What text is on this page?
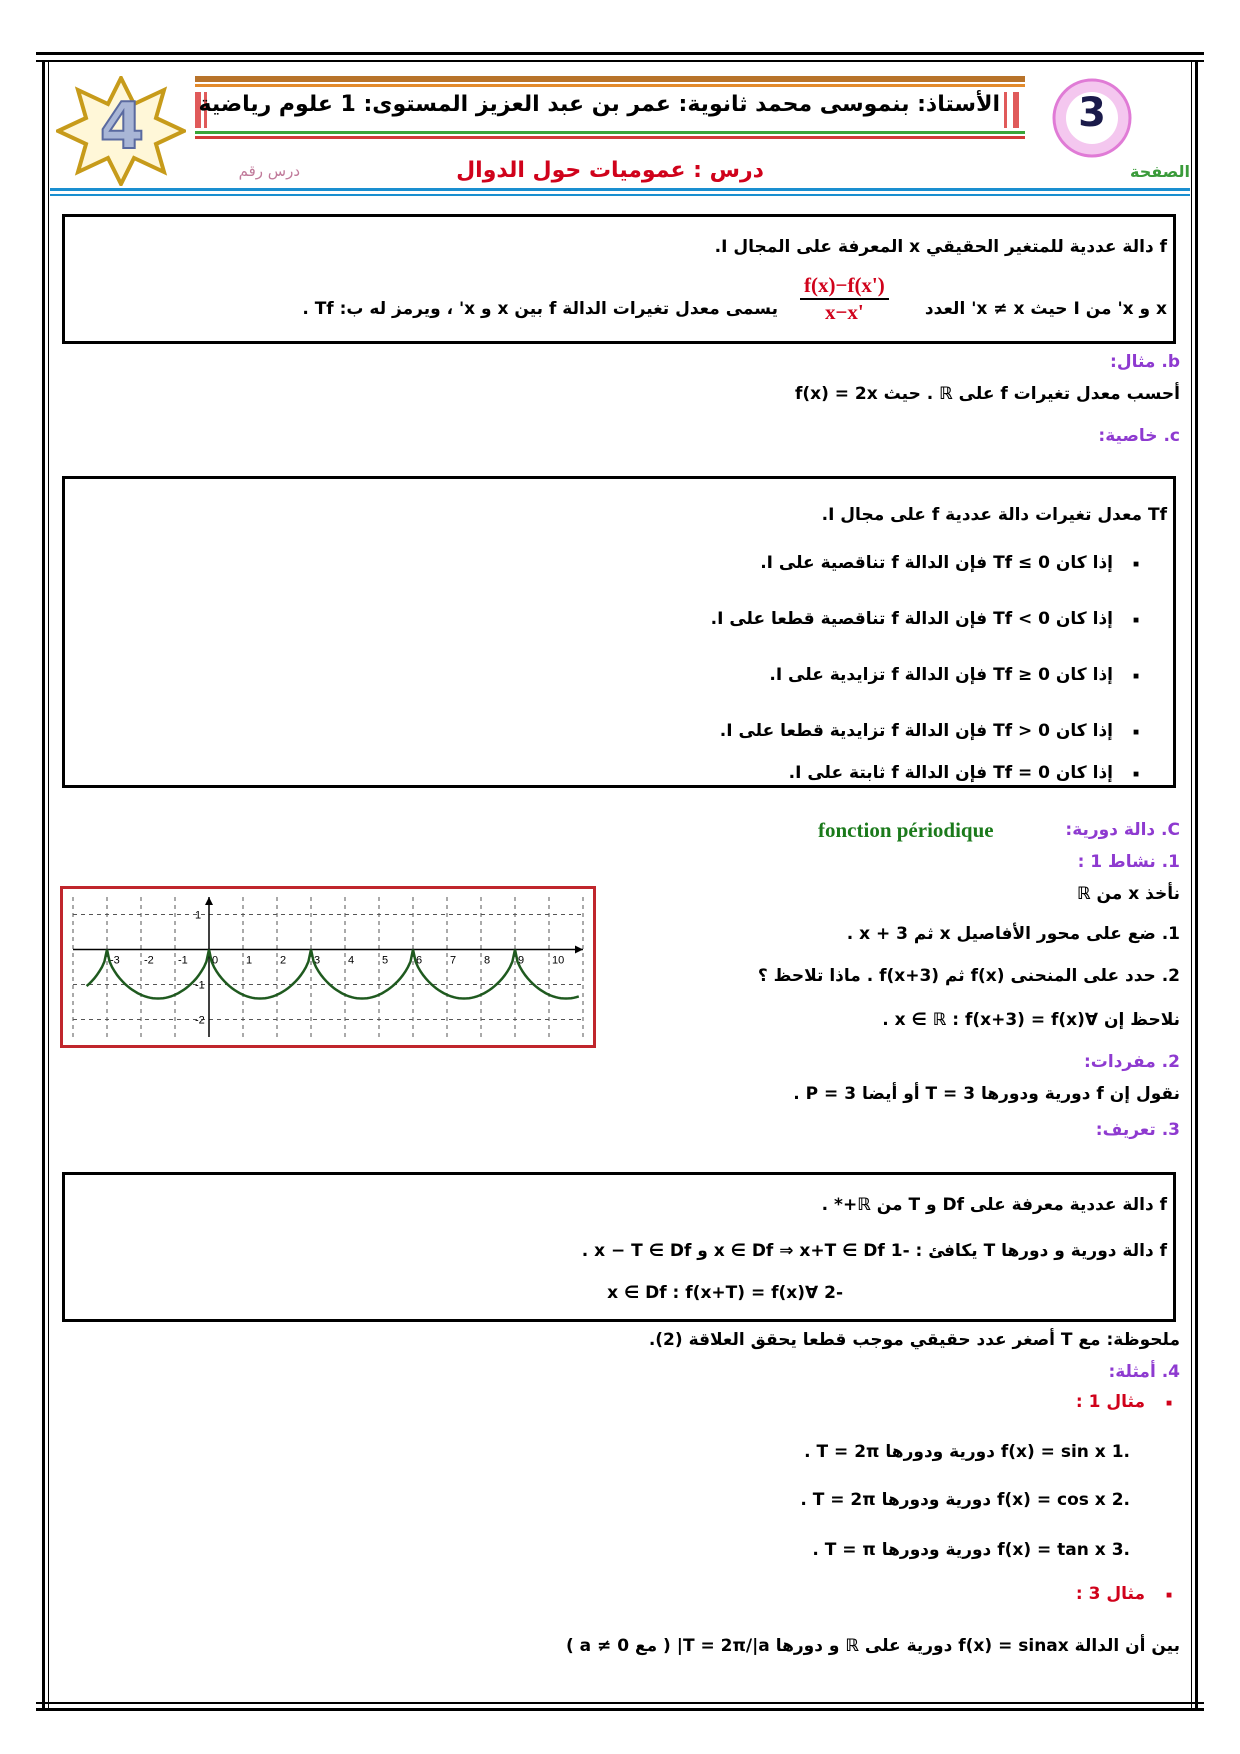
4	الأستاذ: بنموسى محمد ثانوية: عمر بن عبد العزيز المستوى: 1 علوم رياضية	3
الصفحة
درس : عموميات حول الدوال
درس رقم
f دالة عددية للمتغير الحقيقي x المعرفة على المجال I.
x و x' من I حيث x ≠ x' العدد
$\frac{f(x)-f(x')}{x-x'}$
يسمى معدل تغيرات الدالة f بين x و x' ، ويرمز له ب: Tf .
b. مثال:
أحسب معدل تغيرات f على ℝ . حيث f(x) = 2x
c. خاصية:
Tf معدل تغيرات دالة عددية f على مجال I.
■
إذا كان Tf ≤ 0 فإن الدالة f تناقصية على I.
■
إذا كان Tf < 0 فإن الدالة f تناقصية قطعا على I.
■
إذا كان Tf ≥ 0 فإن الدالة f تزايدية على I.
■
إذا كان Tf > 0 فإن الدالة f تزايدية قطعا على I.
■
إذا كان Tf = 0 فإن الدالة f ثابتة على I.
C. دالة دورية:
fonction périodique
1. نشاط 1 :
نأخذ x من ℝ
1. ضع على محور الأفاصيل x ثم x + 3 .
2. حدد على المنحنى f(x) ثم f(x+3) . ماذا تلاحظ ؟
نلاحظ إن ∀x ∈ ℝ : f(x+3) = f(x) .
2. مفردات:
نقول إن f دورية ودورها T = 3 أو أيضا P = 3 .
3. تعريف:
-3 -2 -1 0	1	2	3	4	5	6	7	8	9	10
1
-1
-2
f دالة عددية معرفة على Df و T من ℝ+* .
f دالة دورية و دورها T يكافئ : -1 x ∈ Df ⇒ x+T ∈ Df و x − T ∈ Df .
-2 ∀x ∈ Df : f(x+T) = f(x)
ملحوظة: مع T أصغر عدد حقيقي موجب قطعا يحقق العلاقة (2).
4. أمثلة:
■
مثال 1 :
.1 f(x) = sin x دورية ودورها T = 2π .
.2 f(x) = cos x دورية ودورها T = 2π .
.3 f(x) = tan x دورية ودورها T = π .
■
مثال 3 :
بين أن الدالة f(x) = sinax دورية على ℝ و دورها T = 2π/|a| ( مع a ≠ 0 )
